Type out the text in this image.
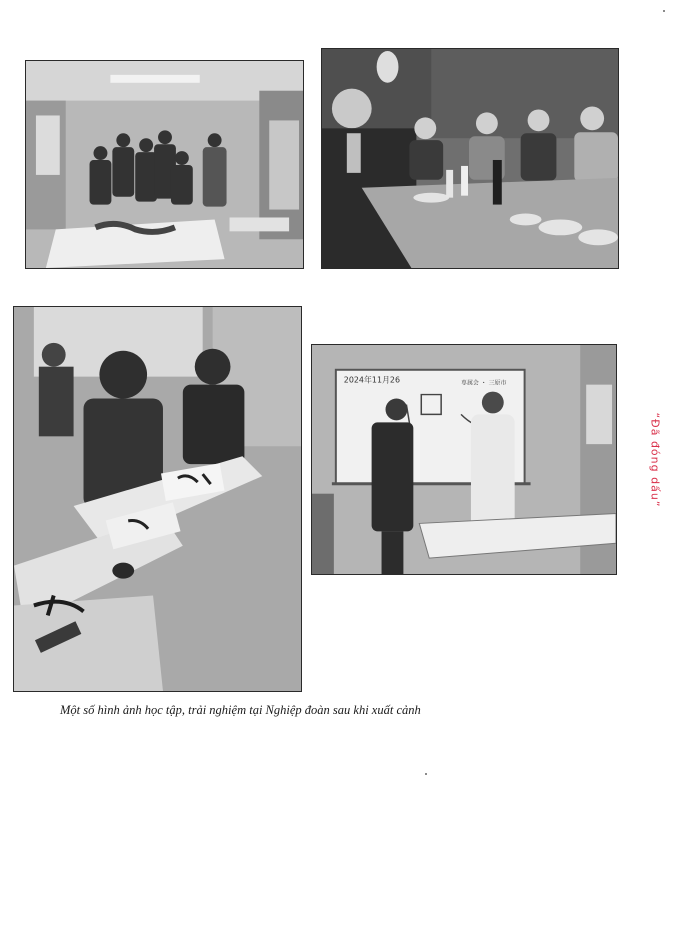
2024年11月26	専属会 ・ 三原市
Một số hình ảnh học tập, trải nghiệm tại Nghiệp đoàn sau khi xuất cảnh
“Đã đóng dấu”
